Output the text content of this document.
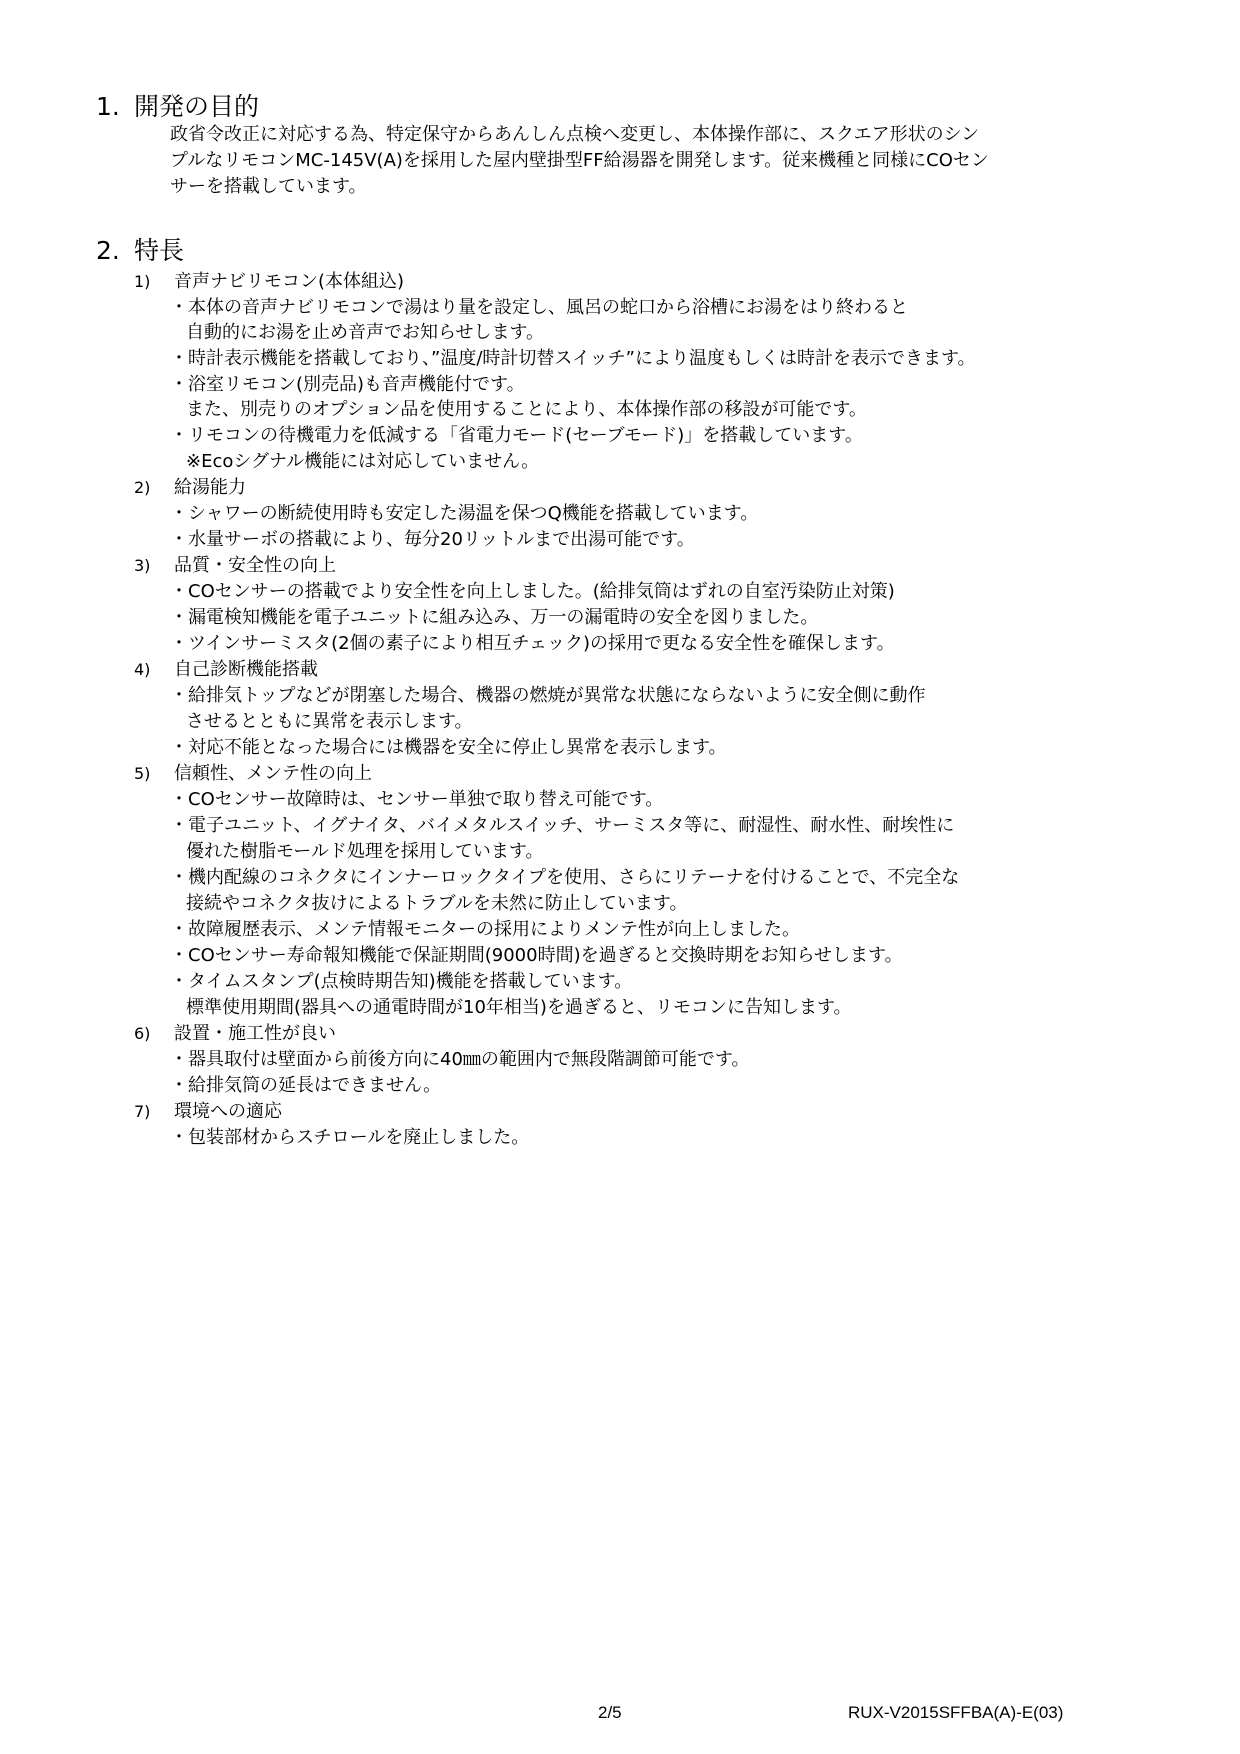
1. 開発の目的
政省令改正に対応する為、特定保守からあんしん点検へ変更し、本体操作部に、スクエア形状のシン
プルなリモコンMC-145V(A)を採用した屋内壁掛型FF給湯器を開発します。従来機種と同様にCOセン
サーを搭載しています。
2. 特長
1) 音声ナビリモコン(本体組込)
・本体の音声ナビリモコンで湯はり量を設定し、風呂の蛇口から浴槽にお湯をはり終わると
自動的にお湯を止め音声でお知らせします。
・時計表示機能を搭載しており、”温度/時計切替スイッチ”により温度もしくは時計を表示できます。
・浴室リモコン(別売品)も音声機能付です。
また、別売りのオプション品を使用することにより、本体操作部の移設が可能です。
・リモコンの待機電力を低減する「省電力モード(セーブモード)」を搭載しています。
※Ecoシグナル機能には対応していません。
2) 給湯能力
・シャワーの断続使用時も安定した湯温を保つQ機能を搭載しています。
・水量サーボの搭載により、毎分20リットルまで出湯可能です。
3) 品質・安全性の向上
・COセンサーの搭載でより安全性を向上しました。(給排気筒はずれの自室汚染防止対策)
・漏電検知機能を電子ユニットに組み込み、万一の漏電時の安全を図りました。
・ツインサーミスタ(2個の素子により相互チェック)の採用で更なる安全性を確保します。
4) 自己診断機能搭載
・給排気トップなどが閉塞した場合、機器の燃焼が異常な状態にならないように安全側に動作
させるとともに異常を表示します。
・対応不能となった場合には機器を安全に停止し異常を表示します。
5) 信頼性、メンテ性の向上
・COセンサー故障時は、センサー単独で取り替え可能です。
・電子ユニット、イグナイタ、バイメタルスイッチ、サーミスタ等に、耐湿性、耐水性、耐埃性に
優れた樹脂モールド処理を採用しています。
・機内配線のコネクタにインナーロックタイプを使用、さらにリテーナを付けることで、不完全な
接続やコネクタ抜けによるトラブルを未然に防止しています。
・故障履歴表示、メンテ情報モニターの採用によりメンテ性が向上しました。
・COセンサー寿命報知機能で保証期間(9000時間)を過ぎると交換時期をお知らせします。
・タイムスタンプ(点検時期告知)機能を搭載しています。
標準使用期間(器具への通電時間が10年相当)を過ぎると、リモコンに告知します。
6) 設置・施工性が良い
・器具取付は壁面から前後方向に40㎜の範囲内で無段階調節可能です。
・給排気筒の延長はできません。
7) 環境への適応
・包装部材からスチロールを廃止しました。
2/5	RUX-V2015SFFBA(A)-E(03)
